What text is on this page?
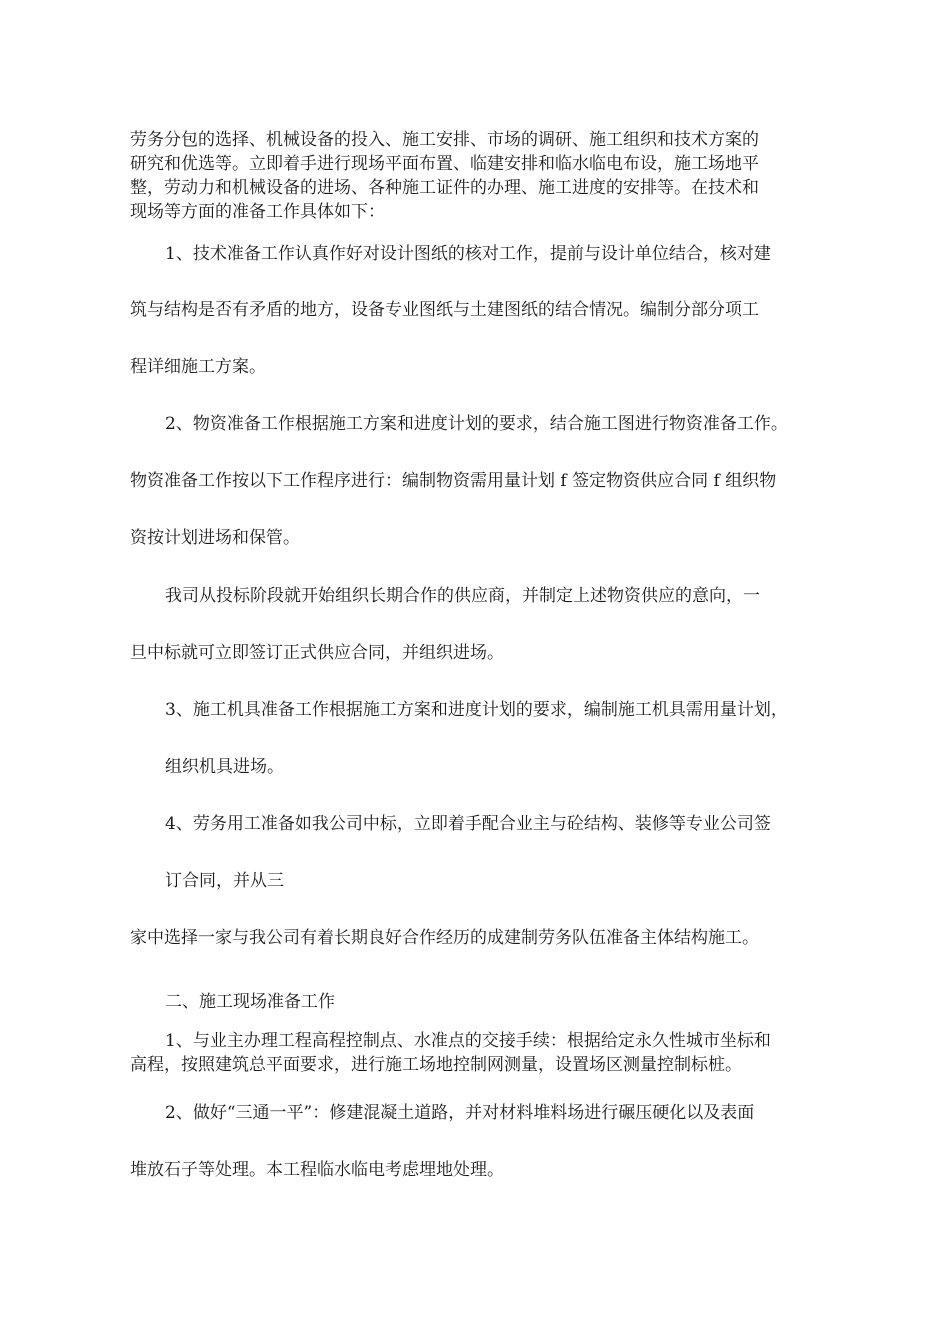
劳务分包的选择、机械设备的投入、施工安排、市场的调研、施工组织和技术方案的
研究和优选等。立即着手进行现场平面布置、临建安排和临水临电布设，施工场地平
整，劳动力和机械设备的进场、各种施工证件的办理、施工进度的安排等。在技术和
现场等方面的准备工作具体如下：
1、技术准备工作认真作好对设计图纸的核对工作，提前与设计单位结合，核对建
筑与结构是否有矛盾的地方，设备专业图纸与土建图纸的结合情况。编制分部分项工
程详细施工方案。
2、物资准备工作根据施工方案和进度计划的要求，结合施工图进行物资准备工作。
物资准备工作按以下工作程序进行：编制物资需用量计划 f 签定物资供应合同 f 组织物
资按计划进场和保管。
我司从投标阶段就开始组织长期合作的供应商，并制定上述物资供应的意向，一
旦中标就可立即签订正式供应合同，并组织进场。
3、施工机具准备工作根据施工方案和进度计划的要求，编制施工机具需用量计划，
组织机具进场。
4、劳务用工准备如我公司中标，立即着手配合业主与砼结构、装修等专业公司签
订合同，并从三
家中选择一家与我公司有着长期良好合作经历的成建制劳务队伍准备主体结构施工。
二、施工现场准备工作
1、与业主办理工程高程控制点、水准点的交接手续：根据给定永久性城市坐标和
高程，按照建筑总平面要求，进行施工场地控制网测量，设置场区测量控制标桩。
2、做好“三通一平”：修建混凝土道路，并对材料堆料场进行碾压硬化以及表面
堆放石子等处理。本工程临水临电考虑埋地处理。
